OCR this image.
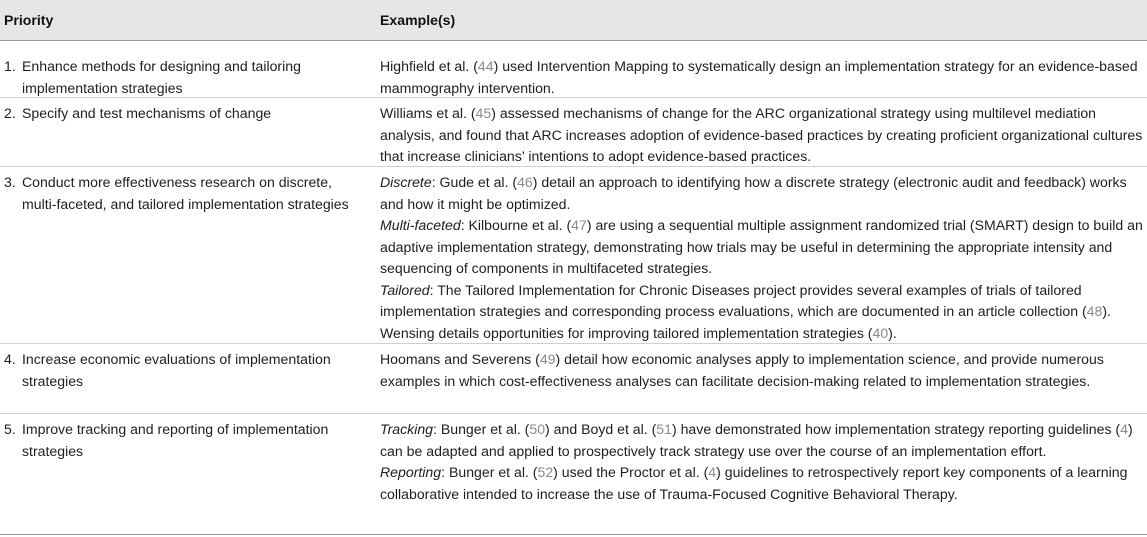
Priority	Example(s)
1. Enhance methods for designing and tailoring implementation strategies

Highfield et al. (44) used Intervention Mapping to systematically design an implementation strategy for an evidence-based mammography intervention.

2. Specify and test mechanisms of change	Williams et al. (45) assessed mechanisms of change for the ARC organizational strategy using multilevel mediation analysis, and found that ARC increases adoption of evidence-based practices by creating proficient organizational cultures that increase clinicians’ intentions to adopt evidence-based practices.

3. Conduct more effectiveness research on discrete, multi-faceted, and tailored implementation strategies

Discrete: Gude et al. (46) detail an approach to identifying how a discrete strategy (electronic audit and feedback) works and how it might be optimized.

Multi-faceted: Kilbourne et al. (47) are using a sequential multiple assignment randomized trial (SMART) design to build an adaptive implementation strategy, demonstrating how trials may be useful in determining the appropriate intensity and sequencing of components in multifaceted strategies.

Tailored: The Tailored Implementation for Chronic Diseases project provides several examples of trials of tailored implementation strategies and corresponding process evaluations, which are documented in an article collection (48). Wensing details opportunities for improving tailored implementation strategies (40).

4. Increase economic evaluations of implementation strategies

Hoomans and Severens (49) detail how economic analyses apply to implementation science, and provide numerous examples in which cost-effectiveness analyses can facilitate decision-making related to implementation strategies.

5. Improve tracking and reporting of implementation strategies

Tracking: Bunger et al. (50) and Boyd et al. (51) have demonstrated how implementation strategy reporting guidelines (4) can be adapted and applied to prospectively track strategy use over the course of an implementation effort.

Reporting: Bunger et al. (52) used the Proctor et al. (4) guidelines to retrospectively report key components of a learning collaborative intended to increase the use of Trauma-Focused Cognitive Behavioral Therapy.
